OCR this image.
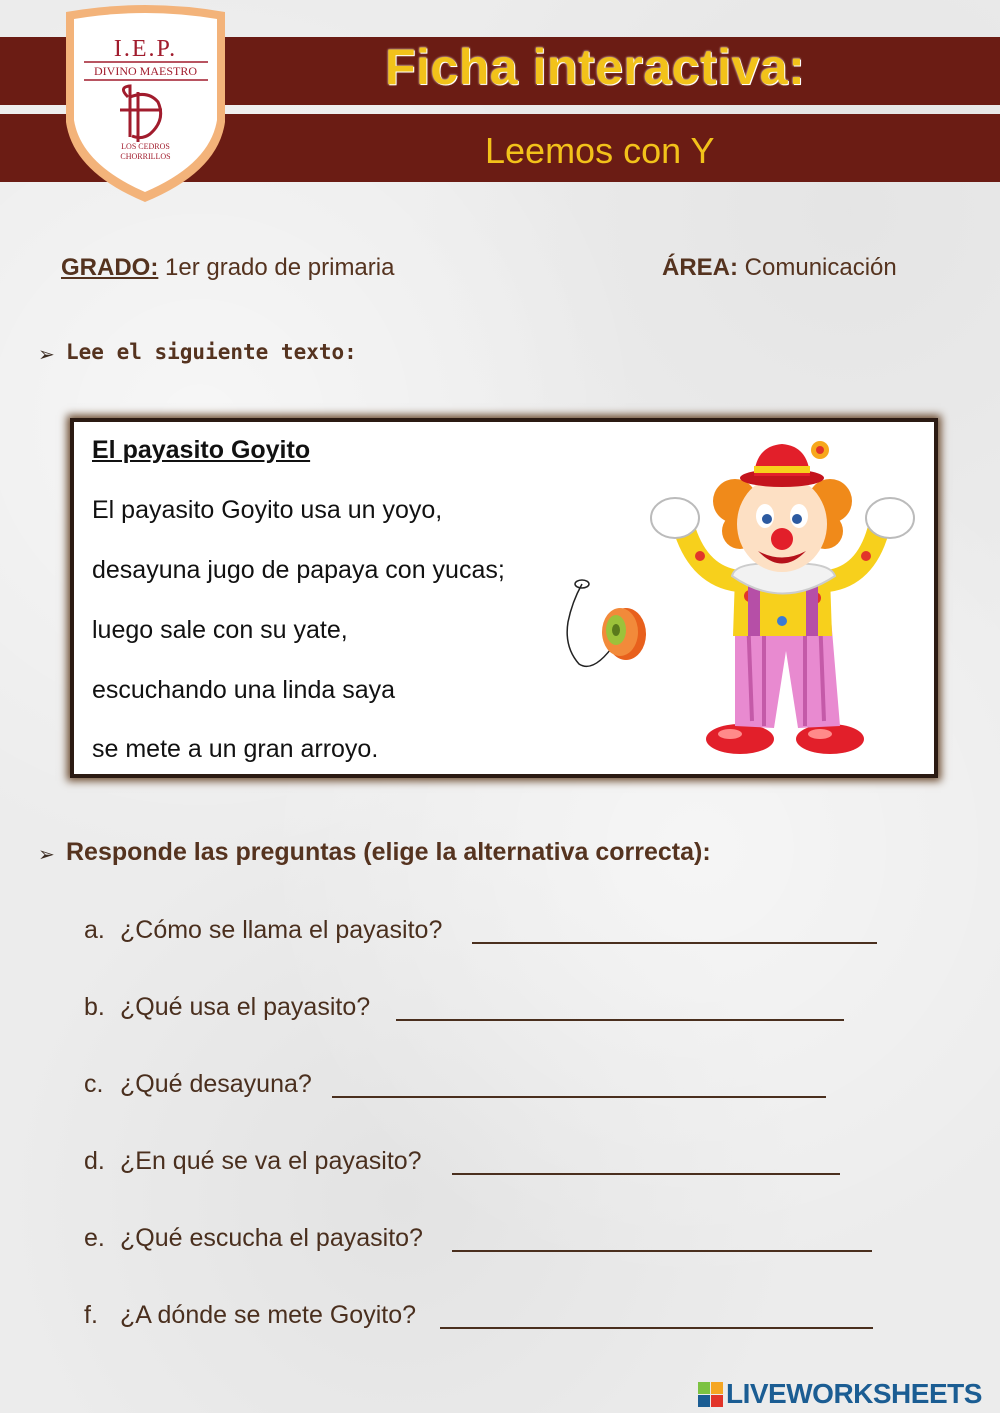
Ficha interactiva:
Leemos con Y
I.E.P.
DIVINO MAESTRO
LOS CEDROS
CHORRILLOS
GRADO: 1er grado de primaria	ÁREA: Comunicación
➢ Lee el siguiente texto:
El payasito Goyito
El payasito Goyito usa un yoyo,
desayuna jugo de papaya con yucas;
luego sale con su yate,
escuchando una linda saya
se mete a un gran arroyo.
➢ Responde las preguntas (elige la alternativa correcta):
a. ¿Cómo se llama el payasito?
b. ¿Qué usa el payasito?
c. ¿Qué desayuna?
d. ¿En qué se va el payasito?
e. ¿Qué escucha el payasito?
f. ¿A dónde se mete Goyito?
LIVEWORKSHEETS
